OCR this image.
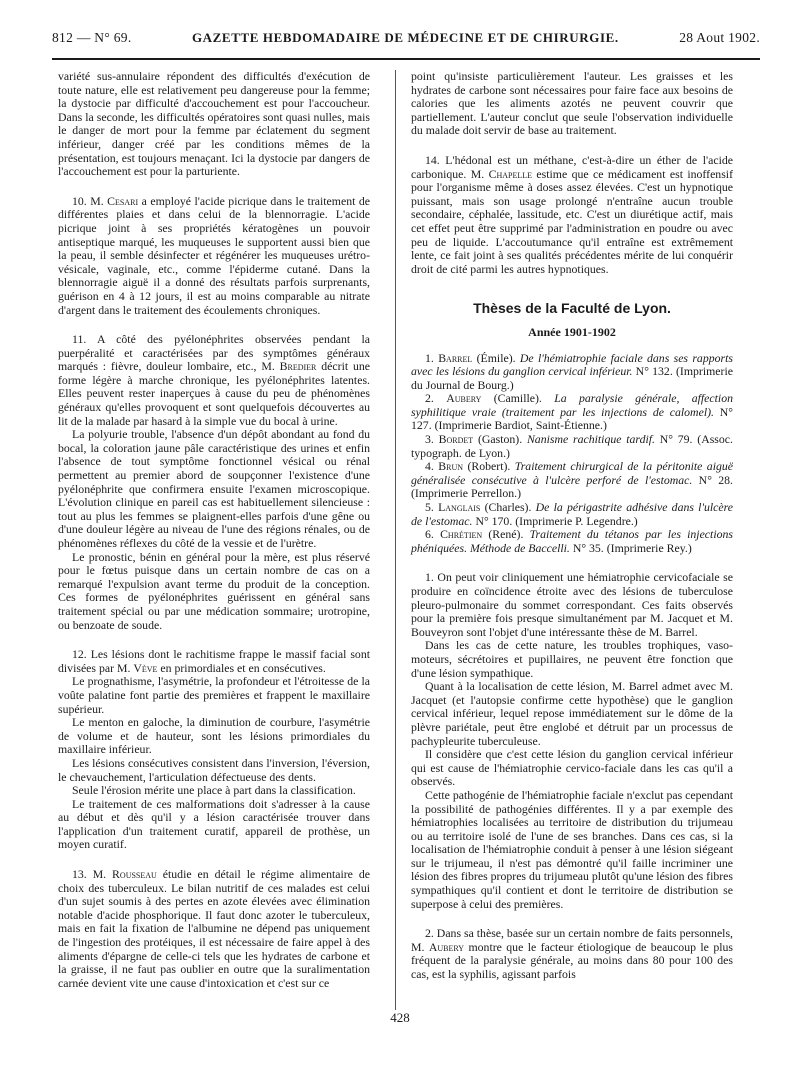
812 — N° 69.	GAZETTE HEBDOMADAIRE DE MÉDECINE ET DE CHIRURGIE.	28 Aout 1902.

variété sus-annulaire répondent des difficultés d'exécution de toute nature, elle est relativement peu dangereuse pour la femme; la dystocie par difficulté d'accouchement est pour l'accoucheur. Dans la seconde, les difficultés opératoires sont quasi nulles, mais le danger de mort pour la femme par éclatement du segment inférieur, danger créé par les conditions mêmes de la présentation, est toujours menaçant. Ici la dystocie par dangers de l'accouchement est pour la parturiente.

10. M. Cesari a employé l'acide picrique dans le traitement de différentes plaies et dans celui de la blennorragie. L'acide picrique joint à ses propriétés kératogènes un pouvoir antiseptique marqué, les muqueuses le supportent aussi bien que la peau, il semble désinfecter et régénérer les muqueuses urétro-vésicale, vaginale, etc., comme l'épiderme cutané. Dans la blennorragie aiguë il a donné des résultats parfois surprenants, guérison en 4 à 12 jours, il est au moins comparable au nitrate d'argent dans le traitement des écoulements chroniques.

11. A côté des pyélonéphrites observées pendant la puerpéralité et caractérisées par des symptômes généraux marqués : fièvre, douleur lombaire, etc., M. Bredier décrit une forme légère à marche chronique, les pyélonéphrites latentes. Elles peuvent rester inaperçues à cause du peu de phénomènes généraux qu'elles provoquent et sont quelquefois découvertes au lit de la malade par hasard à la simple vue du bocal à urine.

La polyurie trouble, l'absence d'un dépôt abondant au fond du bocal, la coloration jaune pâle caractéristique des urines et enfin l'absence de tout symptôme fonctionnel vésical ou rénal permettent au premier abord de soupçonner l'existence d'une pyélonéphrite que confirmera ensuite l'examen microscopique. L'évolution clinique en pareil cas est habituellement silencieuse : tout au plus les femmes se plaignent-elles parfois d'une gêne ou d'une douleur légère au niveau de l'une des régions rénales, ou de phénomènes réflexes du côté de la vessie et de l'urètre.

Le pronostic, bénin en général pour la mère, est plus réservé pour le fœtus puisque dans un certain nombre de cas on a remarqué l'expulsion avant terme du produit de la conception. Ces formes de pyélonéphrites guérissent en général sans traitement spécial ou par une médication sommaire; urotropine, ou benzoate de soude.

12. Les lésions dont le rachitisme frappe le massif facial sont divisées par M. Vève en primordiales et en consécutives.

Le prognathisme, l'asymétrie, la profondeur et l'étroitesse de la voûte palatine font partie des premières et frappent le maxillaire supérieur.

Le menton en galoche, la diminution de courbure, l'asymétrie de volume et de hauteur, sont les lésions primordiales du maxillaire inférieur.

Les lésions consécutives consistent dans l'inversion, l'éversion, le chevauchement, l'articulation défectueuse des dents.

Seule l'érosion mérite une place à part dans la classification.

Le traitement de ces malformations doit s'adresser à la cause au début et dès qu'il y a lésion caractérisée trouver dans l'application d'un traitement curatif, appareil de prothèse, un moyen curatif.

13. M. Rousseau étudie en détail le régime alimentaire de choix des tuberculeux. Le bilan nutritif de ces malades est celui d'un sujet soumis à des pertes en azote élevées avec élimination notable d'acide phosphorique. Il faut donc azoter le tuberculeux, mais en fait la fixation de l'albumine ne dépend pas uniquement de l'ingestion des protéiques, il est nécessaire de faire appel à des aliments d'épargne de celle-ci tels que les hydrates de carbone et la graisse, il ne faut pas oublier en outre que la suralimentation carnée devient vite une cause d'intoxication et c'est sur ce

point qu'insiste particulièrement l'auteur. Les graisses et les hydrates de carbone sont nécessaires pour faire face aux besoins de calories que les aliments azotés ne peuvent couvrir que partiellement. L'auteur conclut que seule l'observation individuelle du malade doit servir de base au traitement.

14. L'hédonal est un méthane, c'est-à-dire un éther de l'acide carbonique. M. Chapelle estime que ce médicament est inoffensif pour l'organisme même à doses assez élevées. C'est un hypnotique puissant, mais son usage prolongé n'entraîne aucun trouble secondaire, céphalée, lassitude, etc. C'est un diurétique actif, mais cet effet peut être supprimé par l'administration en poudre ou avec peu de liquide. L'accoutumance qu'il entraîne est extrêmement lente, ce fait joint à ses qualités précédentes mérite de lui conquérir droit de cité parmi les autres hypnotiques.

Thèses de la Faculté de Lyon.
Année 1901-1902

1. Barrel (Émile). De l'hémiatrophie faciale dans ses rapports avec les lésions du ganglion cervical inférieur. N° 132. (Imprimerie du Journal de Bourg.)

2. Aubery (Camille). La paralysie générale, affection syphilitique vraie (traitement par les injections de calomel). N° 127. (Imprimerie Bardiot, Saint-Étienne.)

3. Bordet (Gaston). Nanisme rachitique tardif. N° 79. (Assoc. typograph. de Lyon.)

4. Brun (Robert). Traitement chirurgical de la péritonite aiguë généralisée consécutive à l'ulcère perforé de l'estomac. N° 28. (Imprimerie Perrellon.)

5. Langlais (Charles). De la périgastrite adhésive dans l'ulcère de l'estomac. N° 170. (Imprimerie P. Legendre.)

6. Chrétien (René). Traitement du tétanos par les injections phéniquées. Méthode de Baccelli. N° 35. (Imprimerie Rey.)

1. On peut voir cliniquement une hémiatrophie cervicofaciale se produire en coïncidence étroite avec des lésions de tuberculose pleuro-pulmonaire du sommet correspondant. Ces faits observés pour la première fois presque simultanément par M. Jacquet et M. Bouveyron sont l'objet d'une intéressante thèse de M. Barrel.

Dans les cas de cette nature, les troubles trophiques, vaso-moteurs, sécrétoires et pupillaires, ne peuvent être fonction que d'une lésion sympathique.

Quant à la localisation de cette lésion, M. Barrel admet avec M. Jacquet (et l'autopsie confirme cette hypothèse) que le ganglion cervical inférieur, lequel repose immédiatement sur le dôme de la plèvre pariétale, peut être englobé et détruit par un processus de pachypleurite tuberculeuse.

Il considère que c'est cette lésion du ganglion cervical inférieur qui est cause de l'hémiatrophie cervico-faciale dans les cas qu'il a observés.

Cette pathogénie de l'hémiatrophie faciale n'exclut pas cependant la possibilité de pathogénies différentes. Il y a par exemple des hémiatrophies localisées au territoire de distribution du trijumeau ou au territoire isolé de l'une de ses branches. Dans ces cas, si la localisation de l'hémiatrophie conduit à penser à une lésion siégeant sur le trijumeau, il n'est pas démontré qu'il faille incriminer une lésion des fibres propres du trijumeau plutôt qu'une lésion des fibres sympathiques qu'il contient et dont le territoire de distribution se superpose à celui des premières.

2. Dans sa thèse, basée sur un certain nombre de faits personnels, M. Aubery montre que le facteur étiologique de beaucoup le plus fréquent de la paralysie générale, au moins dans 80 pour 100 des cas, est la syphilis, agissant parfois

428
